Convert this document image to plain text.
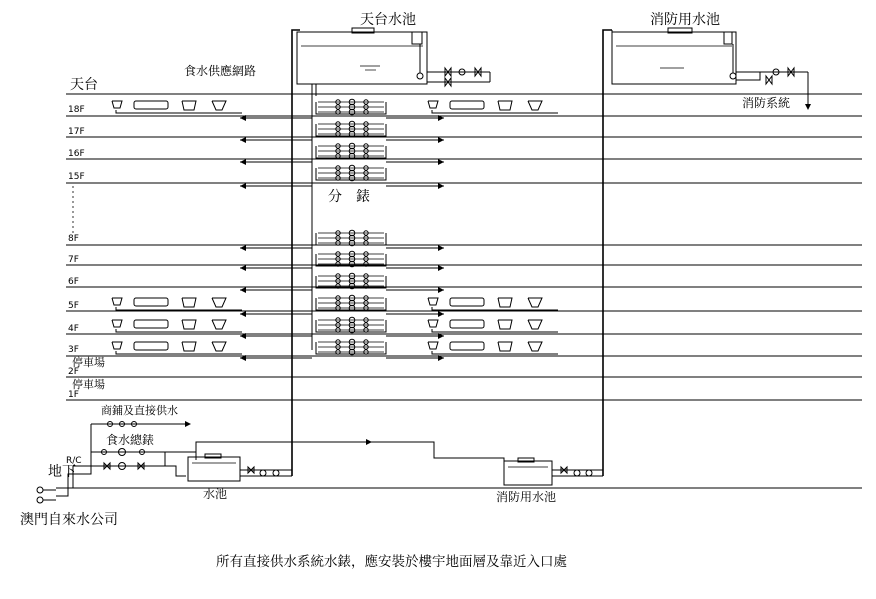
天台
食水供應網路
18F
17F
16F
15F
8F
7F
6F
5F
4F
3F
停車場
2F
停車場
1F
天台水池	消防用水池
消防系統
分　錶
商鋪及直接供水
食水總錶
R/C
地下
澳門自來水公司
水池	消防用水池
所有直接供水系統水錶，應安裝於樓宇地面層及靠近入口處
